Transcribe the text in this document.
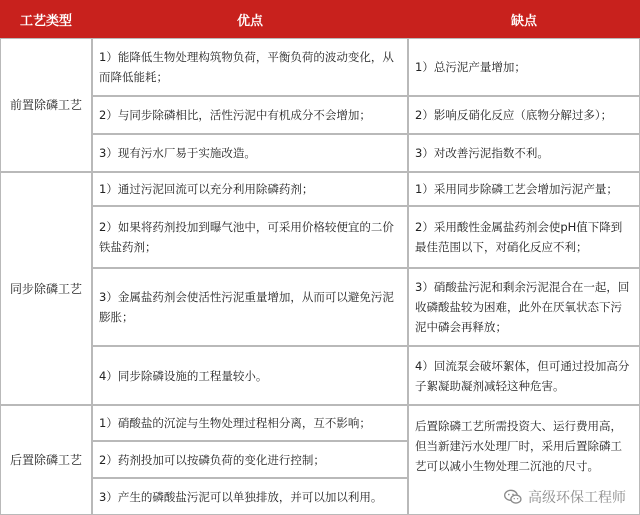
工艺类型	优点	缺点
前置除磷工艺
1）能降低生物处理构筑物负荷，平衡负荷的波动变化，从而降低能耗；
2）与同步除磷相比，活性污泥中有机成分不会增加；
3）现有污水厂易于实施改造。
1）总污泥产量增加；
2）影响反硝化反应（底物分解过多）；
3）对改善污泥指数不利。
同步除磷工艺
1）通过污泥回流可以充分利用除磷药剂；
2）如果将药剂投加到曝气池中，可采用价格较便宜的二价铁盐药剂；
3）金属盐药剂会使活性污泥重量增加，从而可以避免污泥膨胀；
4）同步除磷设施的工程量较小。
1）采用同步除磷工艺会增加污泥产量；
2）采用酸性金属盐药剂会使pH值下降到最佳范围以下，对硝化反应不利；
3）硝酸盐污泥和剩余污泥混合在一起，回收磷酸盐较为困难，此外在厌氧状态下污泥中磷会再释放；
4）回流泵会破坏絮体，但可通过投加高分子絮凝助凝剂减轻这种危害。
后置除磷工艺
1）硝酸盐的沉淀与生物处理过程相分离，互不影响；
2）药剂投加可以按磷负荷的变化进行控制；
3）产生的磷酸盐污泥可以单独排放，并可以加以利用。
后置除磷工艺所需投资大、运行费用高，但当新建污水处理厂时，采用后置除磷工艺可以减小生物处理二沉池的尺寸。
高级环保工程师
